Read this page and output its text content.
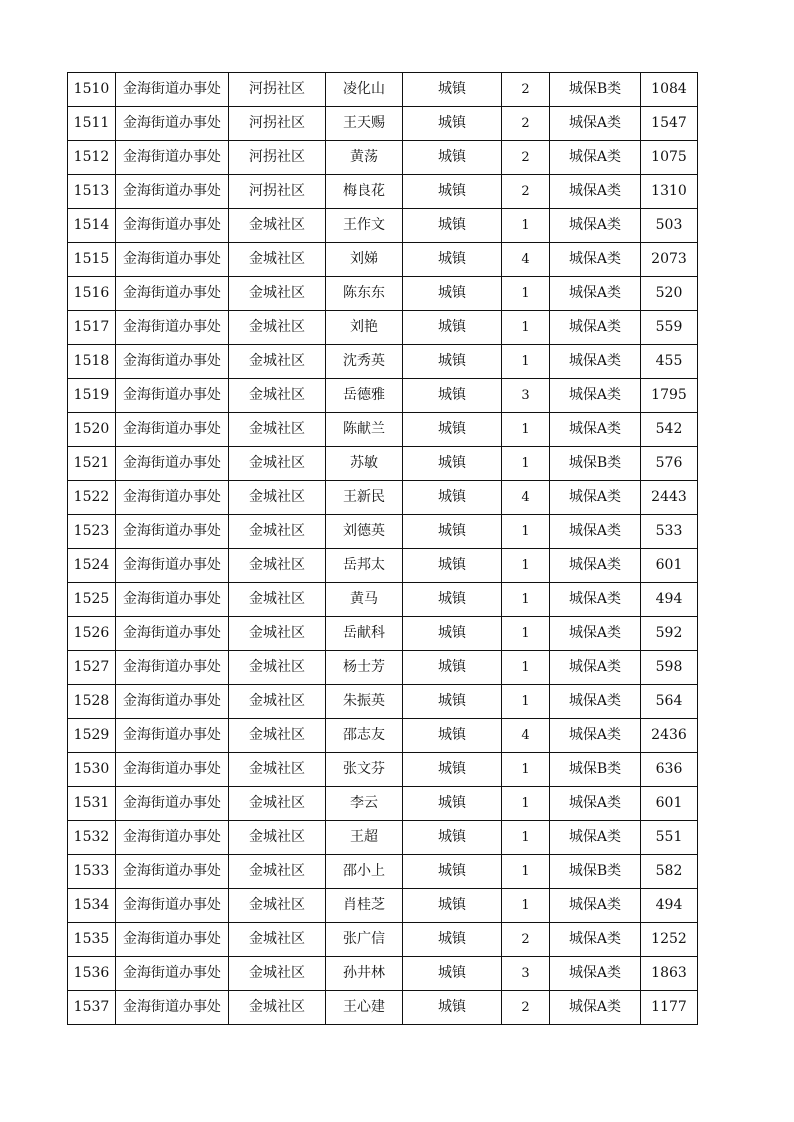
1510	金海街道办事处	河拐社区	凌化山	城镇	2	城保B类	1084
1511	金海街道办事处	河拐社区	王天赐	城镇	2	城保A类	1547
1512	金海街道办事处	河拐社区	黄荡	城镇	2	城保A类	1075
1513	金海街道办事处	河拐社区	梅良花	城镇	2	城保A类	1310
1514	金海街道办事处	金城社区	王作文	城镇	1	城保A类	503
1515	金海街道办事处	金城社区	刘娣	城镇	4	城保A类	2073
1516	金海街道办事处	金城社区	陈东东	城镇	1	城保A类	520
1517	金海街道办事处	金城社区	刘艳	城镇	1	城保A类	559
1518	金海街道办事处	金城社区	沈秀英	城镇	1	城保A类	455
1519	金海街道办事处	金城社区	岳德雅	城镇	3	城保A类	1795
1520	金海街道办事处	金城社区	陈献兰	城镇	1	城保A类	542
1521	金海街道办事处	金城社区	苏敏	城镇	1	城保B类	576
1522	金海街道办事处	金城社区	王新民	城镇	4	城保A类	2443
1523	金海街道办事处	金城社区	刘德英	城镇	1	城保A类	533
1524	金海街道办事处	金城社区	岳邦太	城镇	1	城保A类	601
1525	金海街道办事处	金城社区	黄马	城镇	1	城保A类	494
1526	金海街道办事处	金城社区	岳献科	城镇	1	城保A类	592
1527	金海街道办事处	金城社区	杨士芳	城镇	1	城保A类	598
1528	金海街道办事处	金城社区	朱振英	城镇	1	城保A类	564
1529	金海街道办事处	金城社区	邵志友	城镇	4	城保A类	2436
1530	金海街道办事处	金城社区	张文芬	城镇	1	城保B类	636
1531	金海街道办事处	金城社区	李云	城镇	1	城保A类	601
1532	金海街道办事处	金城社区	王超	城镇	1	城保A类	551
1533	金海街道办事处	金城社区	邵小上	城镇	1	城保B类	582
1534	金海街道办事处	金城社区	肖桂芝	城镇	1	城保A类	494
1535	金海街道办事处	金城社区	张广信	城镇	2	城保A类	1252
1536	金海街道办事处	金城社区	孙井林	城镇	3	城保A类	1863
1537	金海街道办事处	金城社区	王心建	城镇	2	城保A类	1177
